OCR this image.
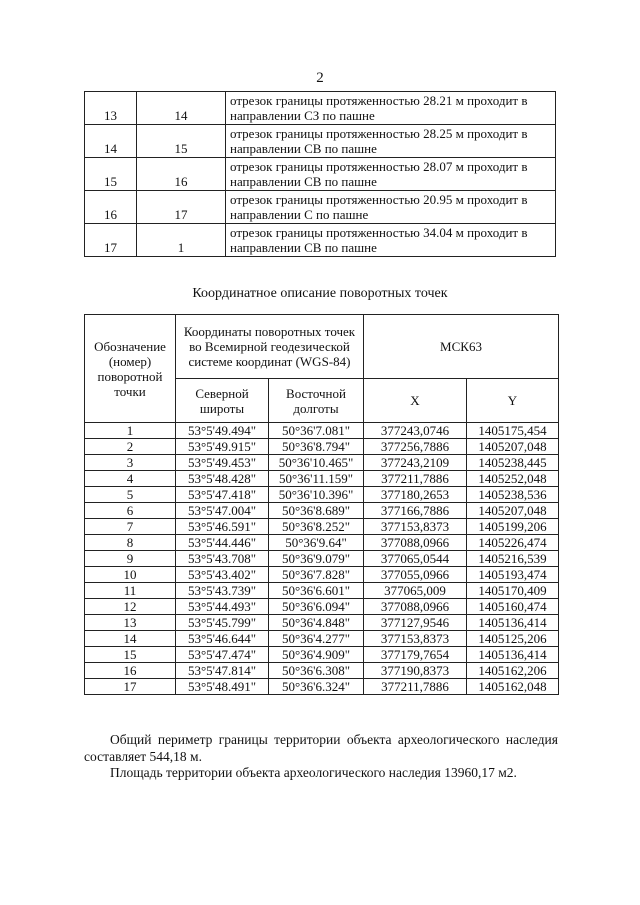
2
13	14	отрезок границы протяженностью 28.21 м проходит в
направлении СЗ по пашне

14	15	отрезок границы протяженностью 28.25 м проходит в
направлении СВ по пашне

15	16	отрезок границы протяженностью 28.07 м проходит в
направлении СВ по пашне

16	17	отрезок границы протяженностью 20.95 м проходит в
направлении С по пашне

17	1	отрезок границы протяженностью 34.04 м проходит в
направлении СВ по пашне
Координатное описание поворотных точек
Обозначение (номер) поворотной точки	Координаты поворотных точек во Всемирной геодезической системе координат (WGS-84)		МСК63	
	Северной широты	Восточной долготы	X	Y
1	53°5'49.494"	50°36'7.081"	377243,0746	1405175,454
2	53°5'49.915"	50°36'8.794"	377256,7886	1405207,048
3	53°5'49.453"	50°36'10.465"	377243,2109	1405238,445
4	53°5'48.428"	50°36'11.159"	377211,7886	1405252,048
5	53°5'47.418"	50°36'10.396"	377180,2653	1405238,536
6	53°5'47.004"	50°36'8.689"	377166,7886	1405207,048
7	53°5'46.591"	50°36'8.252"	377153,8373	1405199,206
8	53°5'44.446"	50°36'9.64"	377088,0966	1405226,474
9	53°5'43.708"	50°36'9.079"	377065,0544	1405216,539
10	53°5'43.402"	50°36'7.828"	377055,0966	1405193,474
11	53°5'43.739"	50°36'6.601"	377065,009	1405170,409
12	53°5'44.493"	50°36'6.094"	377088,0966	1405160,474
13	53°5'45.799"	50°36'4.848"	377127,9546	1405136,414
14	53°5'46.644"	50°36'4.277"	377153,8373	1405125,206
15	53°5'47.474"	50°36'4.909"	377179,7654	1405136,414
16	53°5'47.814"	50°36'6.308"	377190,8373	1405162,206
17	53°5'48.491"	50°36'6.324"	377211,7886	1405162,048
Общий периметр границы территории объекта археологического наследия составляет 544,18 м.
Площадь территории объекта археологического наследия 13960,17 м2.
